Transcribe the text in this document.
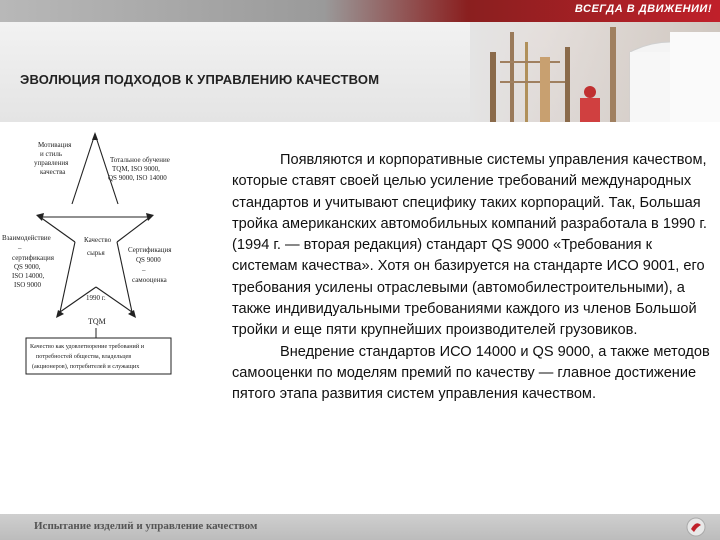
ВСЕГДА В ДВИЖЕНИИ!
ЭВОЛЮЦИЯ ПОДХОДОВ К УПРАВЛЕНИЮ КАЧЕСТВОМ
Мотивация
и стиль
управления
качества
Тотальное обучение
ТQМ, ISO 9000,
QS 9000, ISO 14000
Взаимодействие
–
сертификация
QS 9000,
ISO 14000,
ISO 9000
Качество
сырья	Сертификация
QS 9000
–
самооценка
1990 г.
TQM
Качество как удовлетворение требований и
потребностей общества, владельцев
(акционеров), потребителей и служащих

Появляются и корпоративные системы управления качеством, которые ставят своей целью усиление требований международных стандартов и учитывают специфику таких корпораций. Так, Большая тройка американских автомобильных компаний разработала в 1990 г. (1994 г. — вторая редакция) стандарт QS 9000 «Требования к системам качества». Хотя он базируется на стандарте ИСО 9001, его требования усилены отраслевыми (автомобилестроительными), а также индивидуальными требованиями каждого из членов Большой тройки и еще пяти крупнейших производителей грузовиков.

Внедрение стандартов ИСО 14000 и QS 9000, а также методов самооценки по моделям премий по качеству — главное достижение пятого этапа развития систем управления качеством.

Испытание изделий и управление качеством
